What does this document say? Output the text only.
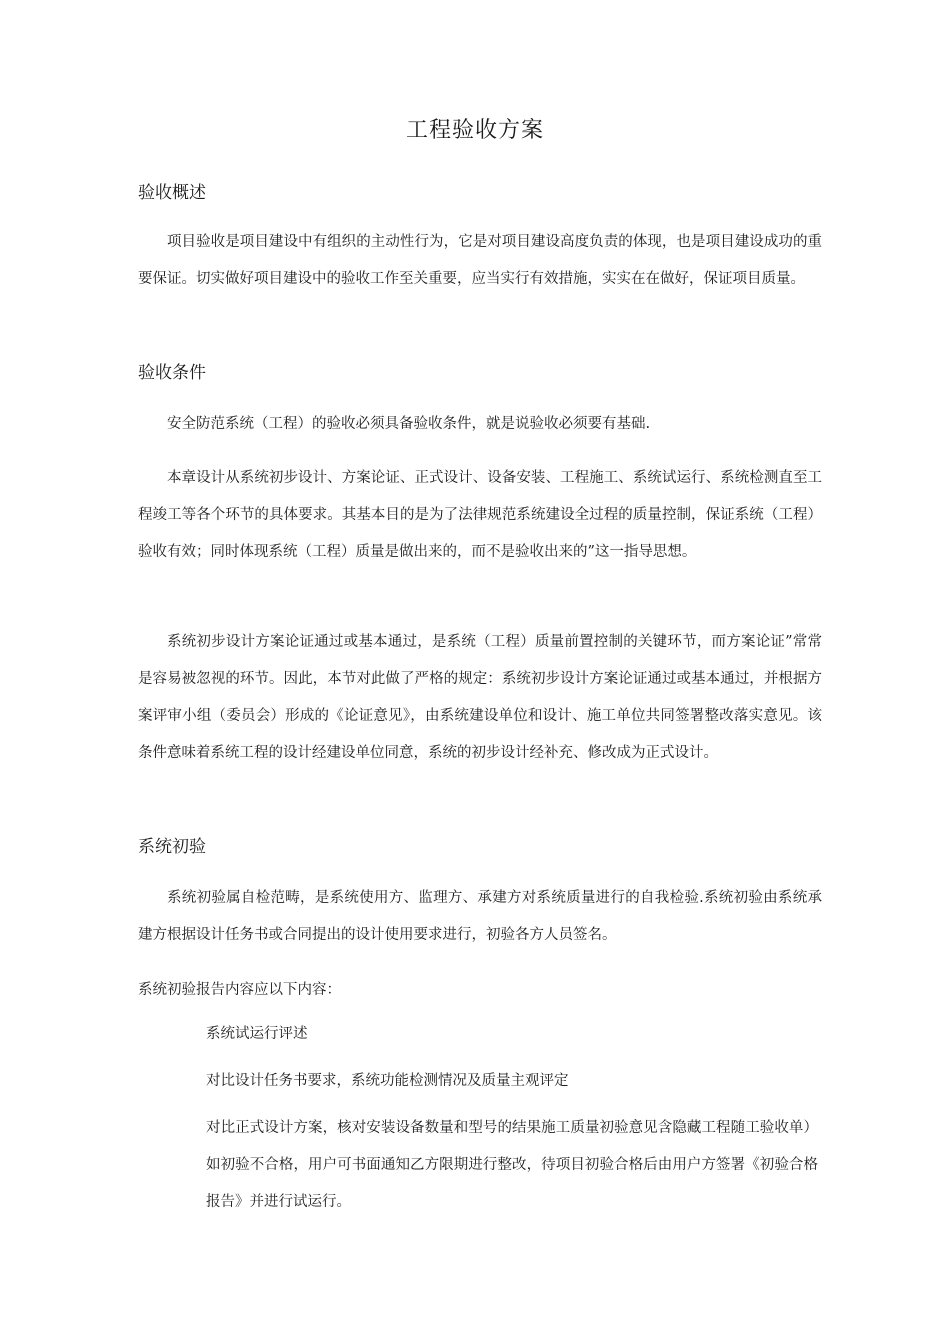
工程验收方案
验收概述
项目验收是项目建设中有组织的主动性行为，它是对项目建设高度负责的体现，也是项目建设成功的重要保证。切实做好项目建设中的验收工作至关重要，应当实行有效措施，实实在在做好，保证项目质量。
验收条件
安全防范系统（工程）的验收必须具备验收条件，就是说验收必须要有基础.
本章设计从系统初步设计、方案论证、正式设计、设备安装、工程施工、系统试运行、系统检测直至工程竣工等各个环节的具体要求。其基本目的是为了法律规范系统建设全过程的质量控制，保证系统（工程）验收有效；同时体现系统（工程）质量是做出来的，而不是验收出来的”这一指导思想。
系统初步设计方案论证通过或基本通过，是系统（工程）质量前置控制的关键环节，而方案论证”常常是容易被忽视的环节。因此，本节对此做了严格的规定：系统初步设计方案论证通过或基本通过，并根据方案评审小组（委员会）形成的《论证意见》，由系统建设单位和设计、施工单位共同签署整改落实意见。该条件意味着系统工程的设计经建设单位同意，系统的初步设计经补充、修改成为正式设计。
系统初验
系统初验属自检范畴，是系统使用方、监理方、承建方对系统质量进行的自我检验.系统初验由系统承建方根据设计任务书或合同提出的设计使用要求进行，初验各方人员签名。
系统初验报告内容应以下内容：
系统试运行评述
对比设计任务书要求，系统功能检测情况及质量主观评定
对比正式设计方案，核对安装设备数量和型号的结果施工质量初验意见含隐藏工程随工验收单）如初验不合格，用户可书面通知乙方限期进行整改，待项目初验合格后由用户方签署《初验合格报告》并进行试运行。
